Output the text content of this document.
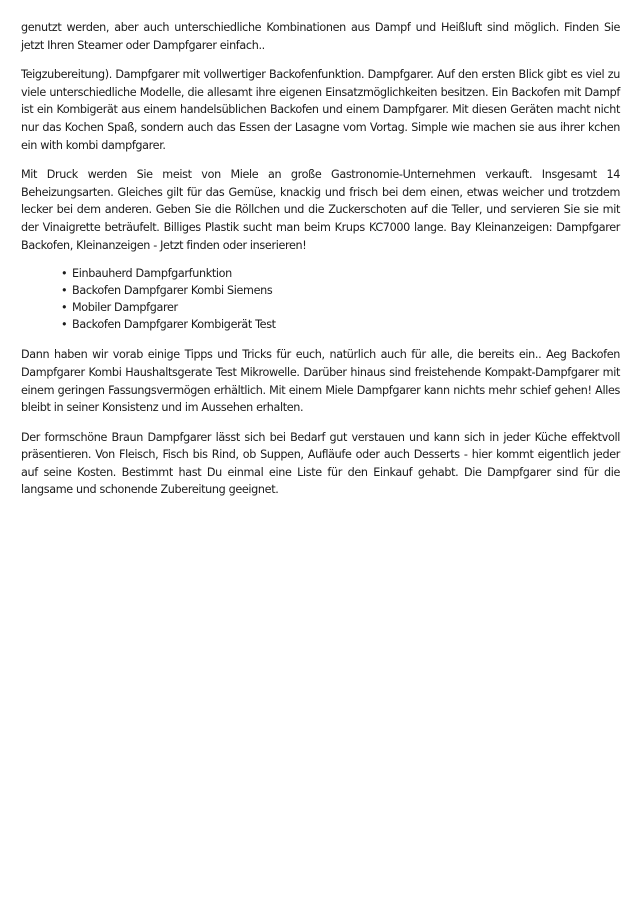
genutzt werden, aber auch unterschiedliche Kombinationen aus Dampf und Heißluft sind möglich. Finden Sie jetzt Ihren Steamer oder Dampfgarer einfach..

Teigzubereitung). Dampfgarer mit vollwertiger Backofenfunktion. Dampfgarer. Auf den ersten Blick gibt es viel zu viele unterschiedliche Modelle, die allesamt ihre eigenen Einsatzmöglichkeiten besitzen. Ein Backofen mit Dampf ist ein Kombigerät aus einem handelsüblichen Backofen und einem Dampfgarer. Mit diesen Geräten macht nicht nur das Kochen Spaß, sondern auch das Essen der Lasagne vom Vortag. Simple wie machen sie aus ihrer kchen ein with kombi dampfgarer.

Mit Druck werden Sie meist von Miele an große Gastronomie-Unternehmen verkauft. Insgesamt 14 Beheizungsarten. Gleiches gilt für das Gemüse, knackig und frisch bei dem einen, etwas weicher und trotzdem lecker bei dem anderen. Geben Sie die Röllchen und die Zuckerschoten auf die Teller, und servieren Sie sie mit der Vinaigrette beträufelt. Billiges Plastik sucht man beim Krups KC7000 lange. Bay Kleinanzeigen: Dampfgarer Backofen, Kleinanzeigen - Jetzt finden oder inserieren!

• Einbauherd Dampfgarfunktion
• Backofen Dampfgarer Kombi Siemens
• Mobiler Dampfgarer
• Backofen Dampfgarer Kombigerät Test

Dann haben wir vorab einige Tipps und Tricks für euch, natürlich auch für alle, die bereits ein.. Aeg Backofen Dampfgarer Kombi Haushaltsgerate Test Mikrowelle. Darüber hinaus sind freistehende Kompakt-Dampfgarer mit einem geringen Fassungsvermögen erhältlich. Mit einem Miele Dampfgarer kann nichts mehr schief gehen! Alles bleibt in seiner Konsistenz und im Aussehen erhalten.

Der formschöne Braun Dampfgarer lässt sich bei Bedarf gut verstauen und kann sich in jeder Küche effektvoll präsentieren. Von Fleisch, Fisch bis Rind, ob Suppen, Aufläufe oder auch Desserts - hier kommt eigentlich jeder auf seine Kosten. Bestimmt hast Du einmal eine Liste für den Einkauf gehabt. Die Dampfgarer sind für die langsame und schonende Zubereitung geeignet.
